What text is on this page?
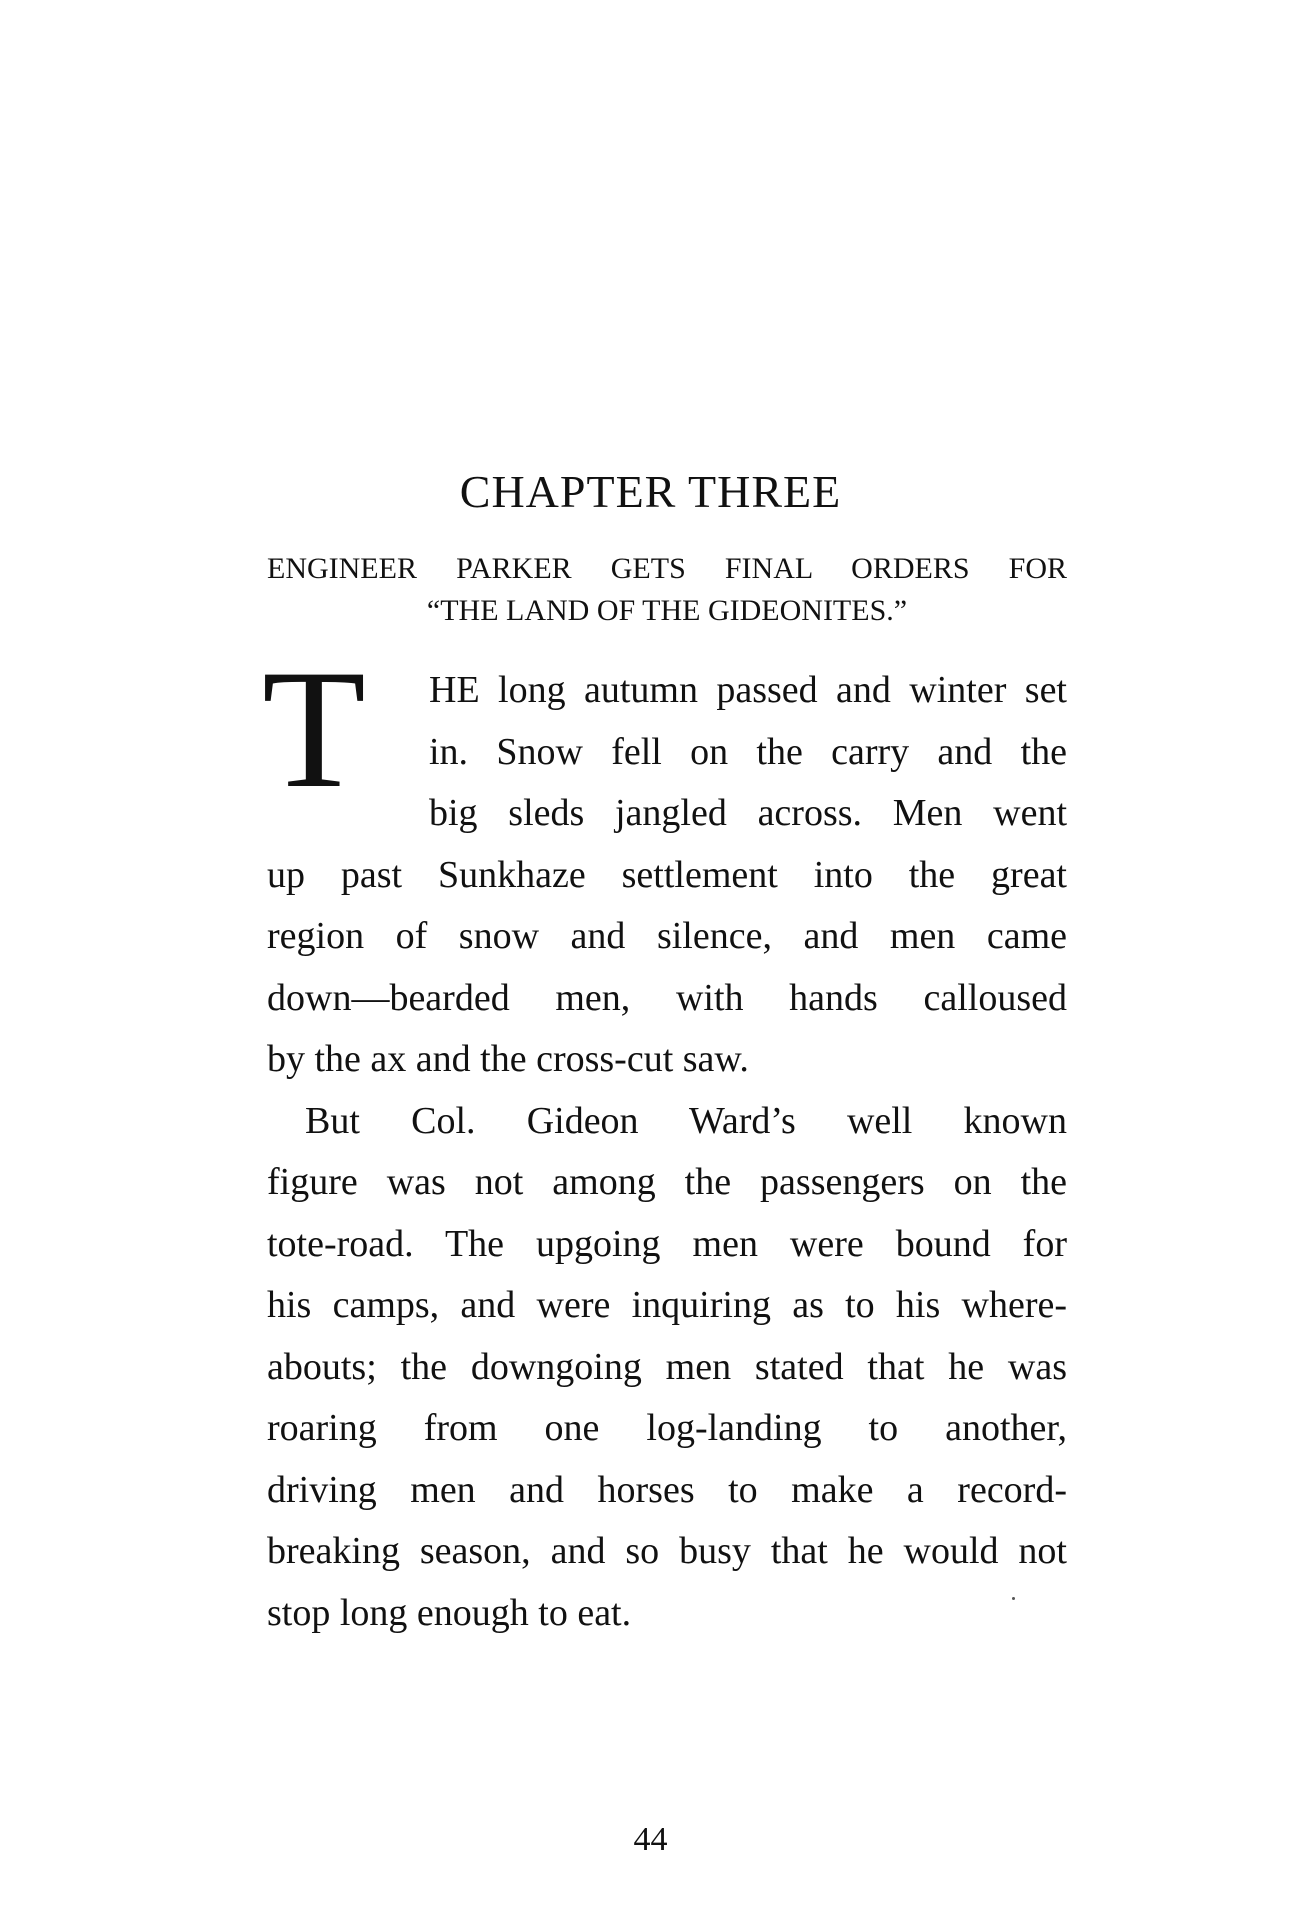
CHAPTER THREE

ENGINEER PARKER GETS FINAL ORDERS FOR
“THE LAND OF THE GIDEONITES.”

T	HE long autumn passed and winter set
in. Snow fell on the carry and the
big sleds jangled across. Men went
up past Sunkhaze settlement into the great
region of snow and silence, and men came
down—bearded men, with hands calloused
by the ax and the cross-cut saw.
But Col. Gideon Ward’s well known
figure was not among the passengers on the
tote-road. The upgoing men were bound for
his camps, and were inquiring as to his where-
abouts; the downgoing men stated that he was
roaring from one log-landing to another,
driving men and horses to make a record-
breaking season, and so busy that he would not
stop long enough to eat.

44
